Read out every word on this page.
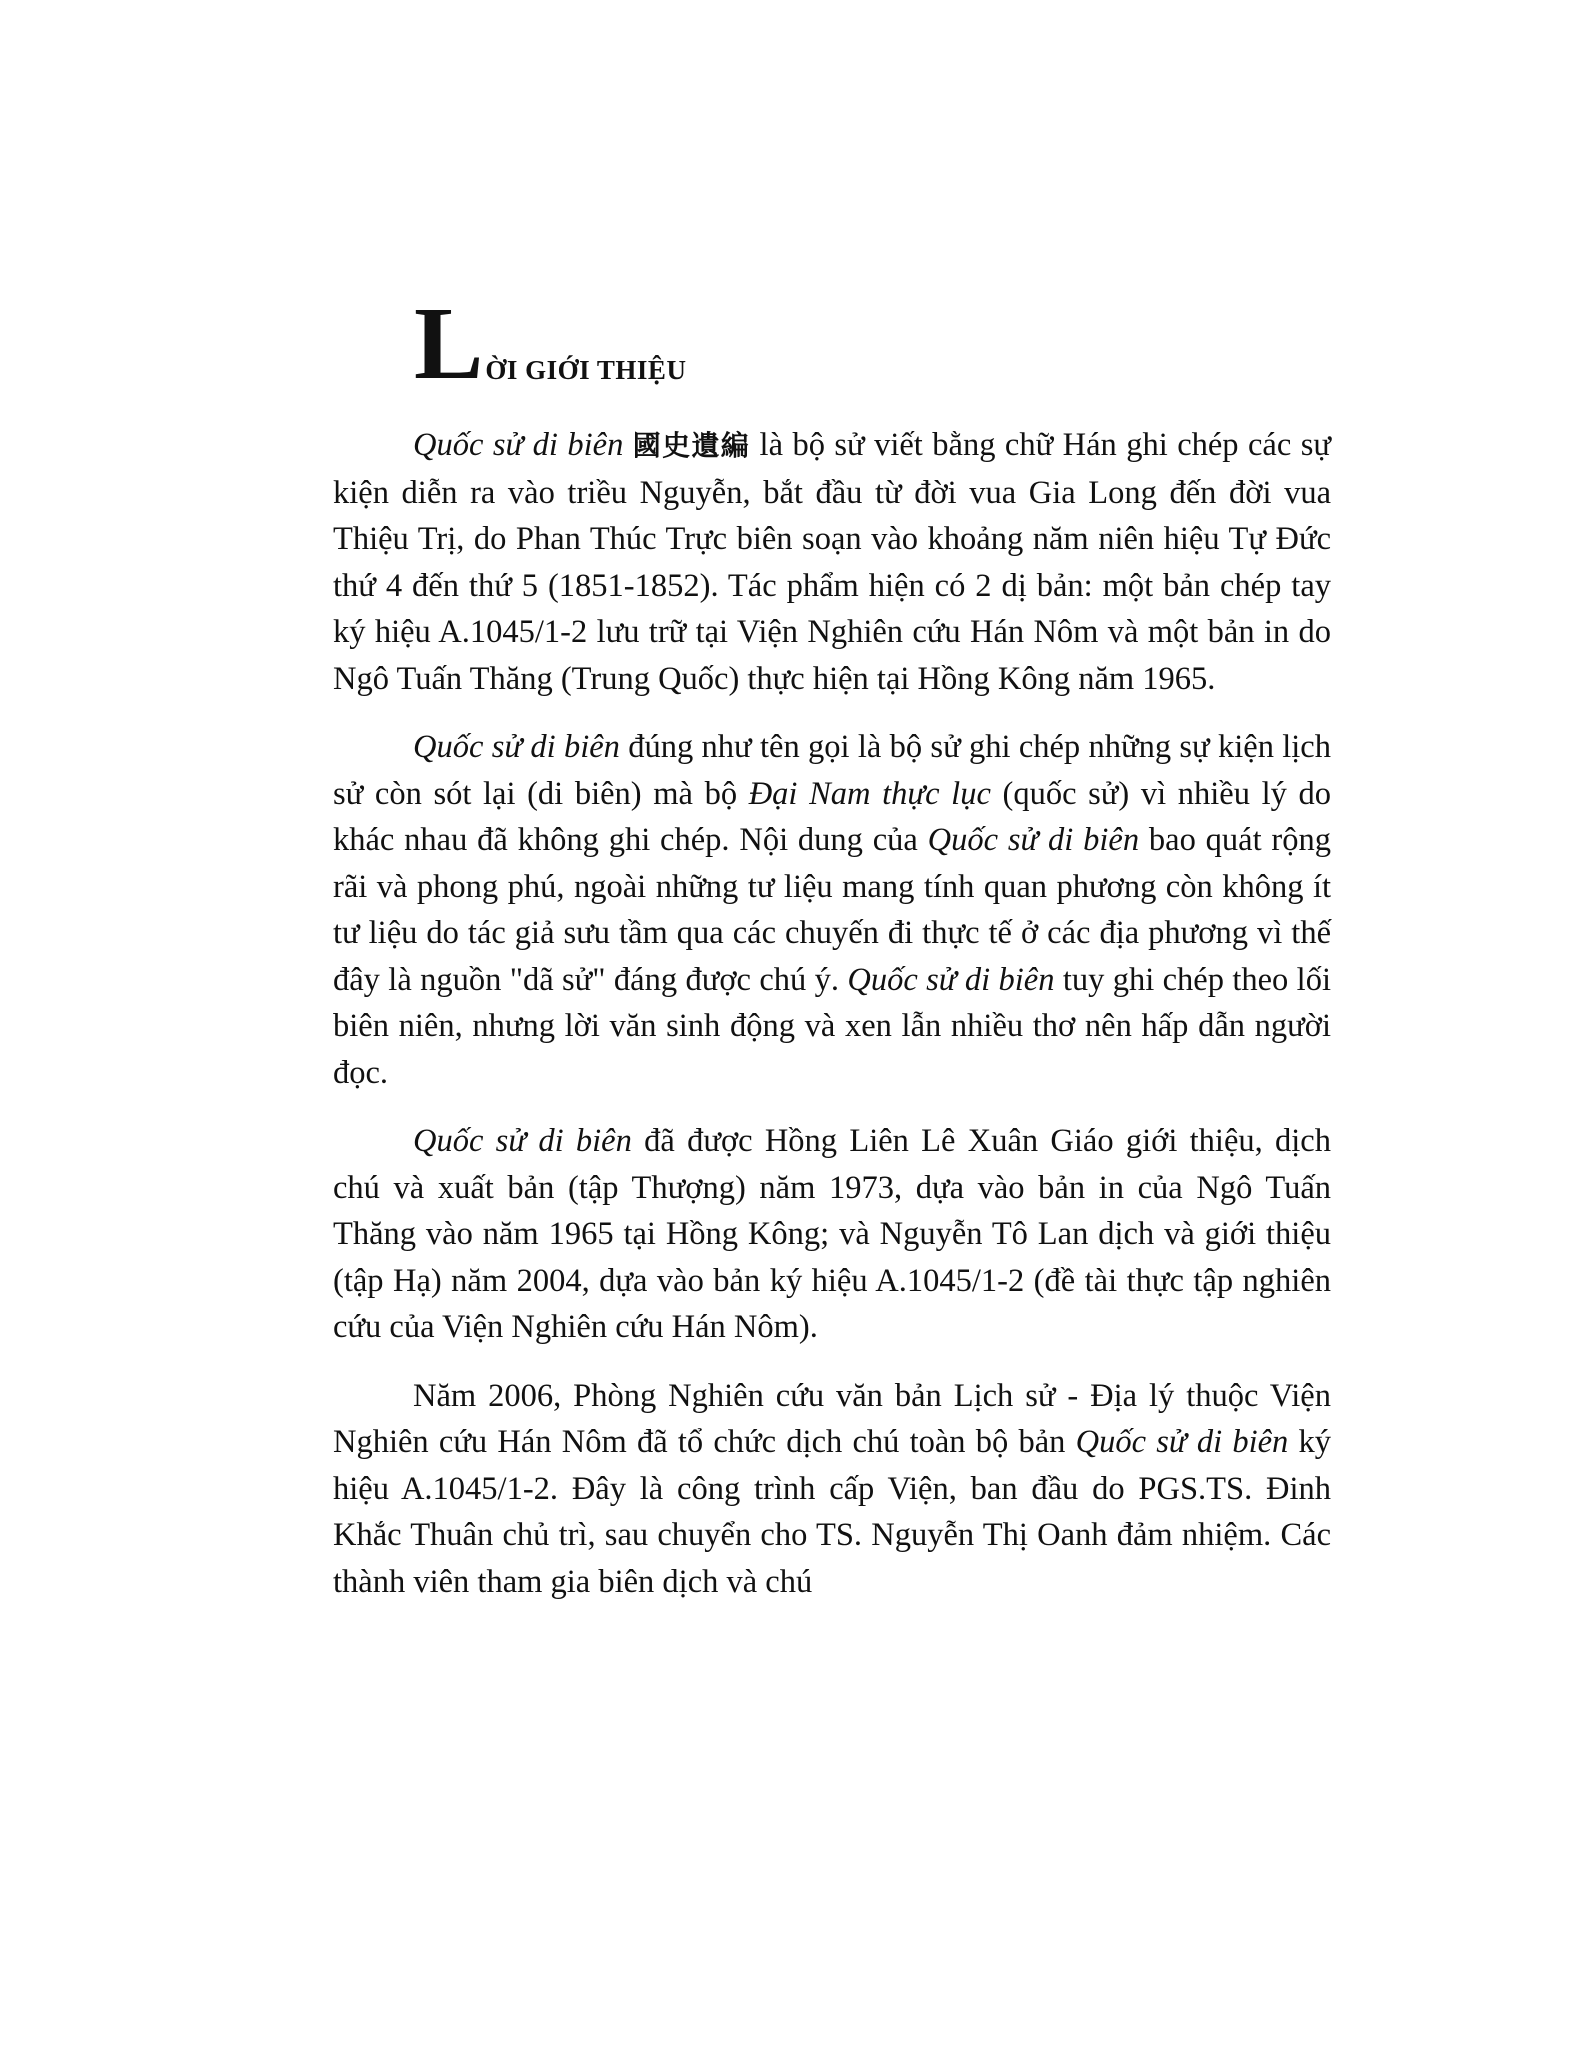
L ỜI GIỚI THIỆU

Quốc sử di biên 國史遺編 là bộ sử viết bằng chữ Hán ghi chép các sự kiện diễn ra vào triều Nguyễn, bắt đầu từ đời vua Gia Long đến đời vua Thiệu Trị, do Phan Thúc Trực biên soạn vào khoảng năm niên hiệu Tự Đức thứ 4 đến thứ 5 (1851-1852). Tác phẩm hiện có 2 dị bản: một bản chép tay ký hiệu A.1045/1-2 lưu trữ tại Viện Nghiên cứu Hán Nôm và một bản in do Ngô Tuấn Thăng (Trung Quốc) thực hiện tại Hồng Kông năm 1965.

Quốc sử di biên đúng như tên gọi là bộ sử ghi chép những sự kiện lịch sử còn sót lại (di biên) mà bộ Đại Nam thực lục (quốc sử) vì nhiều lý do khác nhau đã không ghi chép. Nội dung của Quốc sử di biên bao quát rộng rãi và phong phú, ngoài những tư liệu mang tính quan phương còn không ít tư liệu do tác giả sưu tầm qua các chuyến đi thực tế ở các địa phương vì thế đây là nguồn "dã sử" đáng được chú ý. Quốc sử di biên tuy ghi chép theo lối biên niên, nhưng lời văn sinh động và xen lẫn nhiều thơ nên hấp dẫn người đọc.

Quốc sử di biên đã được Hồng Liên Lê Xuân Giáo giới thiệu, dịch chú và xuất bản (tập Thượng) năm 1973, dựa vào bản in của Ngô Tuấn Thăng vào năm 1965 tại Hồng Kông; và Nguyễn Tô Lan dịch và giới thiệu (tập Hạ) năm 2004, dựa vào bản ký hiệu A.1045/1-2 (đề tài thực tập nghiên cứu của Viện Nghiên cứu Hán Nôm).

Năm 2006, Phòng Nghiên cứu văn bản Lịch sử - Địa lý thuộc Viện Nghiên cứu Hán Nôm đã tổ chức dịch chú toàn bộ bản Quốc sử di biên ký hiệu A.1045/1-2. Đây là công trình cấp Viện, ban đầu do PGS.TS. Đinh Khắc Thuân chủ trì, sau chuyển cho TS. Nguyễn Thị Oanh đảm nhiệm. Các thành viên tham gia biên dịch và chú
